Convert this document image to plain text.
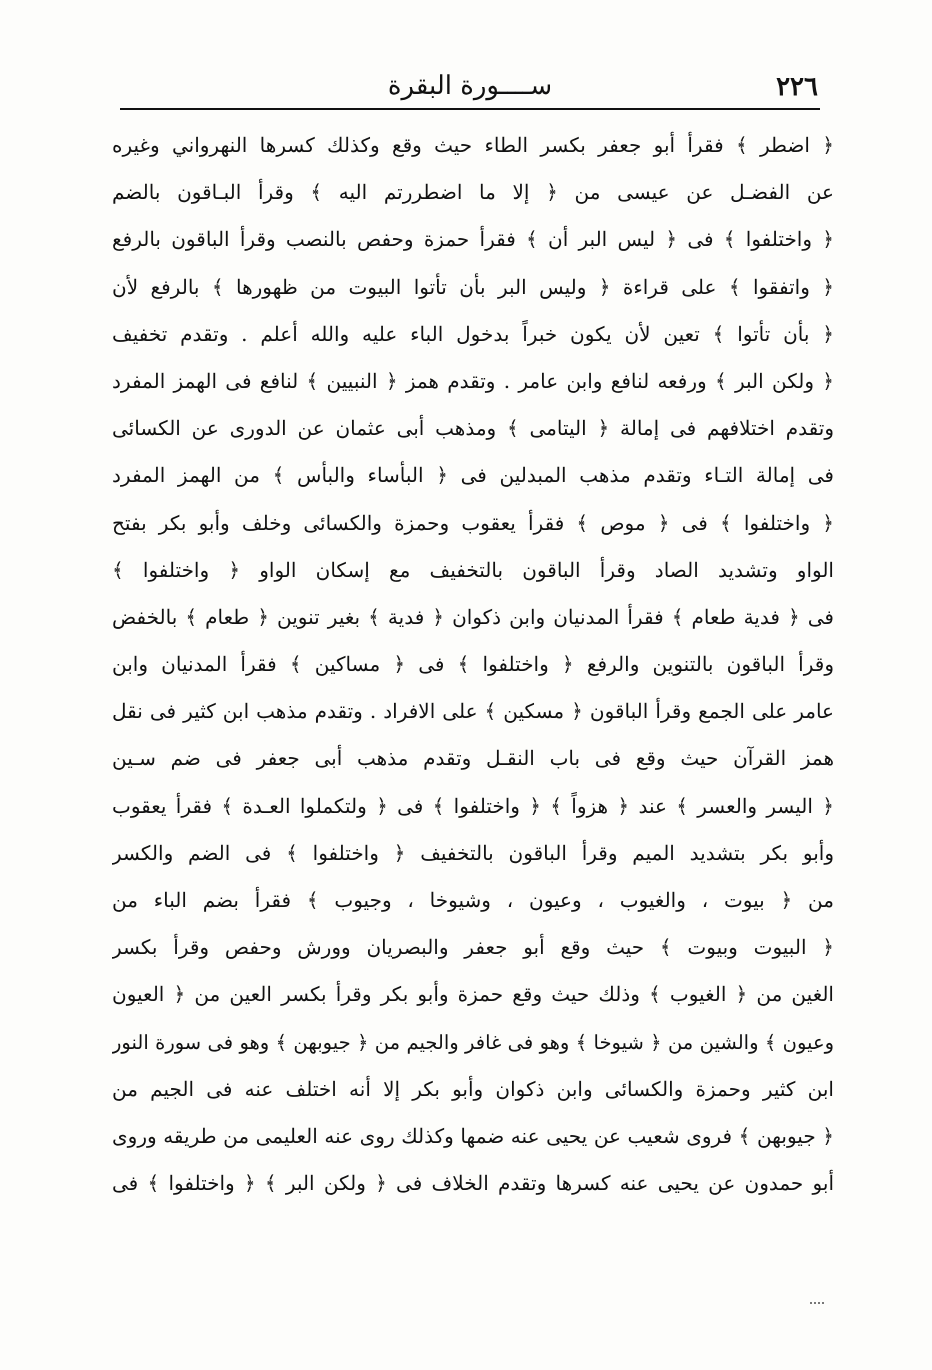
٢٢٦
ســــورة البقرة
﴿ اضطر ﴾ فقرأ أبو جعفر بكسر الطاء حيث وقع وكذلك كسرها النهرواني وغيره
عن الفضـل عن عيسى من ﴿ إلا ما اضطررتم اليه ﴾ وقرأ البـاقون بالضم
﴿ واختلفوا ﴾ فى ﴿ ليس البر أن ﴾ فقرأ حمزة وحفص بالنصب وقرأ الباقون بالرفع
﴿ واتفقوا ﴾ على قراءة ﴿ وليس البر بأن تأتوا البيوت من ظهورها ﴾ بالرفع لأن
﴿ بأن تأتوا ﴾ تعين لأن يكون خبراً بدخول الباء عليه والله أعلم . وتقدم تخفيف
﴿ ولكن البر ﴾ ورفعه لنافع وابن عامر . وتقدم همز ﴿ النبيين ﴾ لنافع فى الهمز المفرد
وتقدم اختلافهم فى إمالة ﴿ اليتامى ﴾ ومذهب أبى عثمان عن الدورى عن الكسائى
فى إمالة التـاء وتقدم مذهب المبدلين فى ﴿ البأساء والبأس ﴾ من الهمز المفرد
﴿ واختلفوا ﴾ فى ﴿ موص ﴾ فقرأ يعقوب وحمزة والكسائى وخلف وأبو بكر بفتح
الواو وتشديد الصاد وقرأ الباقون بالتخفيف مع إسكان الواو ﴿ واختلفوا ﴾
فى ﴿ فدية طعام ﴾ فقرأ المدنيان وابن ذكوان ﴿ فدية ﴾ بغير تنوين ﴿ طعام ﴾ بالخفض
وقرأ الباقون بالتنوين والرفع ﴿ واختلفوا ﴾ فى ﴿ مساكين ﴾ فقرأ المدنيان وابن
عامر على الجمع وقرأ الباقون ﴿ مسكين ﴾ على الافراد . وتقدم مذهب ابن كثير فى نقل
همز القرآن حيث وقع فى باب النقـل وتقدم مذهب أبى جعفر فى ضم سـين
﴿ اليسر والعسر ﴾ عند ﴿ هزواً ﴾ ﴿ واختلفوا ﴾ فى ﴿ ولتكملوا العـدة ﴾ فقرأ يعقوب
وأبو بكر بتشديد الميم وقرأ الباقون بالتخفيف ﴿ واختلفوا ﴾ فى الضم والكسر
من ﴿ بيوت ، والغيوب ، وعيون ، وشيوخا ، وجيوب ﴾ فقرأ بضم الباء من
﴿ البيوت وبيوت ﴾ حيث وقع أبو جعفر والبصريان وورش وحفص وقرأ بكسر
الغين من ﴿ الغيوب ﴾ وذلك حيث وقع حمزة وأبو بكر وقرأ بكسر العين من ﴿ العيون
وعيون ﴾ والشين من ﴿ شيوخا ﴾ وهو فى غافر والجيم من ﴿ جيوبهن ﴾ وهو فى سورة النور
ابن كثير وحمزة والكسائى وابن ذكوان وأبو بكر إلا أنه اختلف عنه فى الجيم من
﴿ جيوبهن ﴾ فروى شعيب عن يحيى عنه ضمها وكذلك روى عنه العليمى من طريقه وروى
أبو حمدون عن يحيى عنه كسرها وتقدم الخلاف فى ﴿ ولكن البر ﴾ ﴿ واختلفوا ﴾ فى
